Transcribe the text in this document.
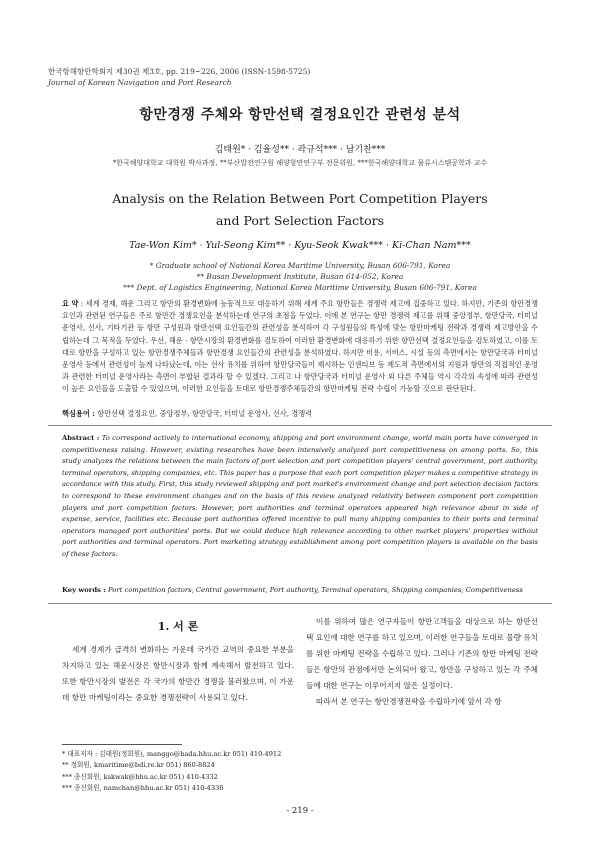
한국항해항만학회지 제30권 제3호, pp. 219~226, 2006 (ISSN-1598-5725)
Journal of Korean Navigation and Port Research
항만경쟁 주체와 항만선택 결정요인간 관련성 분석
김태원* · 김율성** · 곽규석*** · 남기찬***
*한국해양대학교 대학원 박사과정, **부산발전연구원 해양항만연구부 전문위원, ***한국해양대학교 물류시스템공학과 교수
Analysis on the Relation Between Port Competition Players
and Port Selection Factors
Tae-Won Kim* · Yul-Seong Kim** · Kyu-Seok Kwak*** · Ki-Chan Nam***
* Graduate school of National Korea Maritime University, Busan 606-791, Korea
** Busan Development Institute, Busan 614-052, Korea
*** Dept. of Logistics Engineering, National Korea Maritime University, Busan 606-791, Korea
요 약 : 세계 경제, 해운 그리고 항만의 환경변화에 능동적으로 대응하기 위해 세계 주요 항만들은 경쟁력 제고에 집중하고 있다. 하지만, 기존의 항만경쟁요인과 관련된 연구들은 주로 항만간 경쟁요인을 분석하는데 연구의 초점을 두었다. 이에 본 연구는 항만 경쟁력 제고를 위해 중앙정부, 항만당국, 터미널 운영사, 선사, 기타기관 등 항만 구성원과 항만선택 요인들간의 관련성을 분석하여 각 구성원들의 특성에 맞는 항만마케팅 전략과 경쟁력 제고방안을 수립하는데 그 목적을 두었다. 우선, 해운 · 항만시장의 환경변화를 검토하여 이러한 환경변화에 대응하기 위한 항만선택 결정요인들을 검토하였고, 이를 토대로 항만을 구성하고 있는 항만경쟁주체들과 항만경쟁 요인들간의 관련성을 분석하였다. 하지만 비용, 서비스, 시설 등의 측면에서는 항만당국과 터미널 운영사 등에서 관련성이 높게 나타났는데, 이는 선사 유치를 위하여 항만당국들이 제시하는 인센티브 등 제도적 측면에서의 지원과 항만의 직접적인 운영과 관련한 터미널 운영사라는 측면이 부합된 결과라 할 수 있겠다. 그리고 나 항만당국과 터미널 운영사 외 다른 주체들 역시 각각의 속성에 따라 관련성이 높은 요인들을 도출할 수 있었으며, 이러한 요인들을 토대로 항만경쟁주체들간의 항만마케팅 전략 수립이 가능할 것으로 판단된다.
핵심용어 : 항만선택 결정요인, 중앙정부, 항만당국, 터미널 운영사, 선사, 경쟁력
Abstract : To correspond actively to international economy, shipping and port environment change, world main ports have converged in competitiveness raising. However, existing researches have been intensively analyzed port competitiveness on among ports. So, this study analyzes the relations between the main factors of port selection and port competition players' central government, port authority, terminal operators, shipping companies, etc. This paper has a purpose that each port competition player makes a competitive strategy in accordance with this study. First, this study reviewed shipping and port market's environment change and port selection decision factors to correspond to these environment changes and on the basis of this review analyzed relativity between component port competition players and port competition factors. However, port authorities and terminal operators appeared high relevance about in side of expense, service, facilities etc. Because port authorities offered incentive to pull many shipping companies to their ports and terminal operators managed port authorities' ports. But we could deduce high relevance according to other market players' properties without port authorities and terminal operators. Port marketing strategy establishment among port competition players is available on the basis of these factors.
Key words : Port competition factors, Central government, Port authority, Terminal operators, Shipping companies, Competitiveness
1. 서 론

세계 경제가 급격히 변화하는 가운데 국가간 교역의 중요한 부분을 차지하고 있는 해운시장은 항만시장과 함께 계속해서 발전하고 있다. 또한 항만시장의 발전은 각 국가의 항만간 경쟁을 불러왔으며, 이 가운데 항만 마케팅이라는 중요한 경쟁전략이 사용되고 있다.

이를 위하여 많은 연구자들이 항만고객들을 대상으로 하는 항만선택 요인에 대한 연구를 하고 있으며, 이러한 연구들을 토대로 물량 유치를 위한 마케팅 전략을 수립하고 있다. 그러나 기존의 항만 마케팅 전략들은 항만의 관점에서만 논의되어 왔고, 항만을 구성하고 있는 각 주체들에 대한 연구는 이루어지지 않은 실정이다.

따라서 본 연구는 항만경쟁전략을 수립하기에 앞서 각 항

* 대표저자 : 김태원(정회원), manggo@bada.hhu.ac.kr 051) 410-4912
** 정회원, kmaritime@bdi.re.kr 051) 860-8824
*** 종신회원, kskwak@hhu.ac.kr 051) 410-4332
*** 종신회원, namchan@hhu.ac.kr 051) 410-4336
- 219 -
